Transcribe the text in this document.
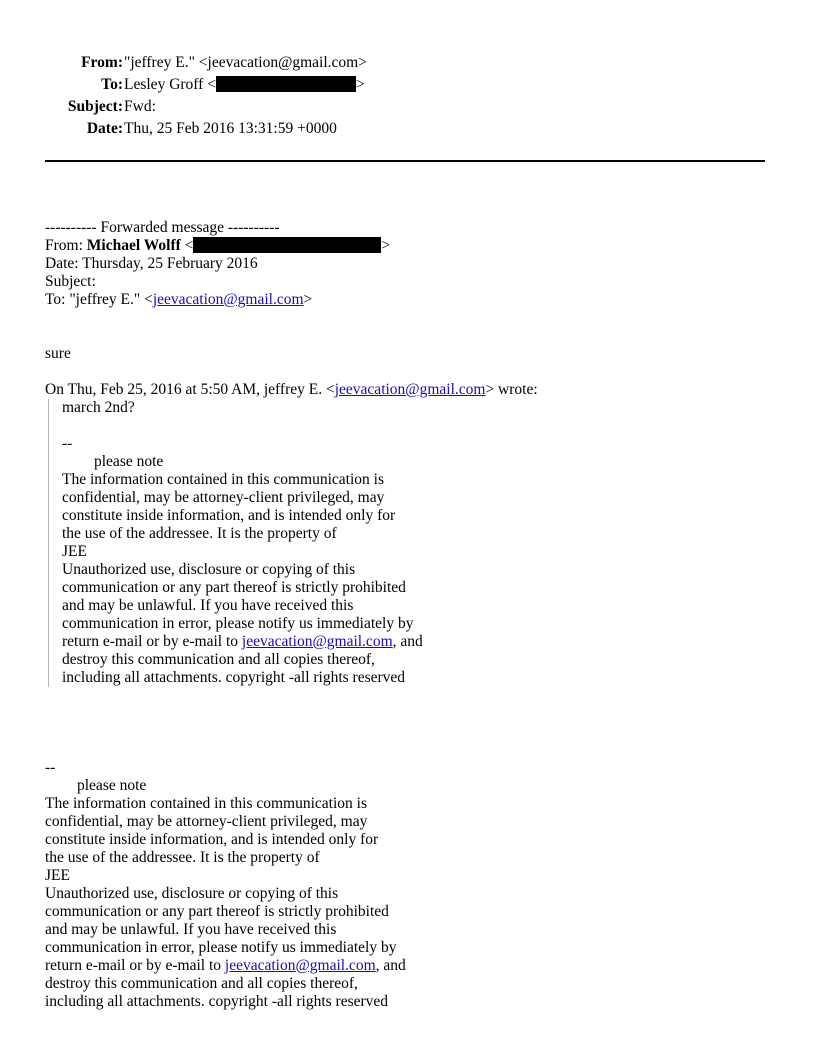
From: "jeffrey E." <jeevacation@gmail.com>
To: Lesley Groff <	>
Subject: Fwd:
Date: Thu, 25 Feb 2016 13:31:59 +0000
---------- Forwarded message ----------
From: Michael Wolff <	>
Date: Thursday, 25 February 2016
Subject:
To: "jeffrey E." <jeevacation@gmail.com>
sure
On Thu, Feb 25, 2016 at 5:50 AM, jeffrey E. <jeevacation@gmail.com> wrote:
march 2nd?
--
please note
The information contained in this communication is
confidential, may be attorney-client privileged, may
constitute inside information, and is intended only for
the use of the addressee. It is the property of
JEE
Unauthorized use, disclosure or copying of this
communication or any part thereof is strictly prohibited
and may be unlawful. If you have received this
communication in error, please notify us immediately by
return e-mail or by e-mail to jeevacation@gmail.com, and
destroy this communication and all copies thereof,
including all attachments. copyright -all rights reserved
--
please note
The information contained in this communication is
confidential, may be attorney-client privileged, may
constitute inside information, and is intended only for
the use of the addressee. It is the property of
JEE
Unauthorized use, disclosure or copying of this
communication or any part thereof is strictly prohibited
and may be unlawful. If you have received this
communication in error, please notify us immediately by
return e-mail or by e-mail to jeevacation@gmail.com, and
destroy this communication and all copies thereof,
including all attachments. copyright -all rights reserved
